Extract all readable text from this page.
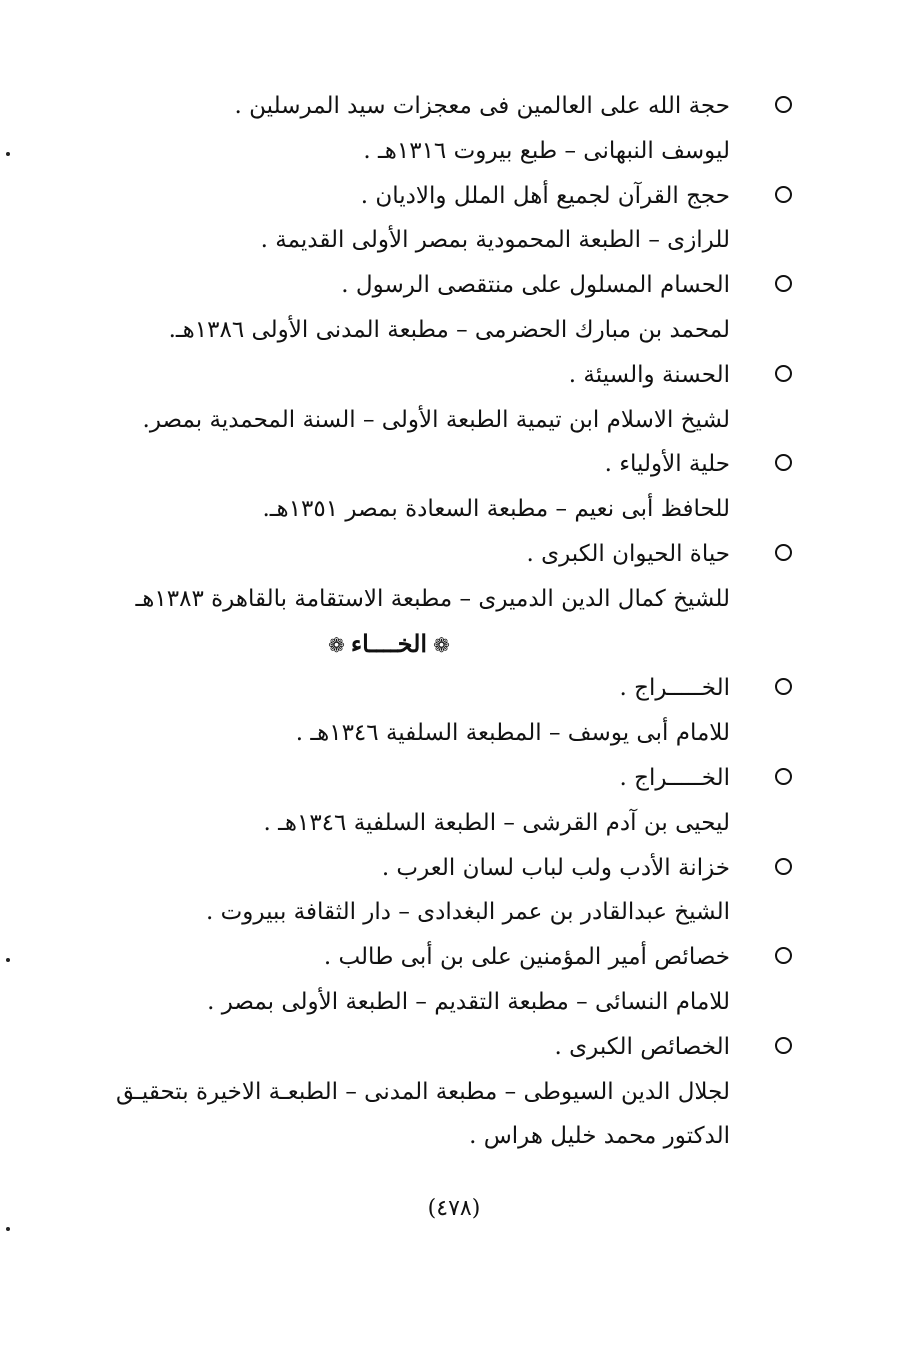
حجة الله على العالمين فى معجزات سيد المرسلين .
ليوسف النبهانى – طبع بيروت ١٣١٦هـ .
حجج القرآن لجميع أهل الملل والاديان .
للرازى – الطبعة المحمودية بمصر الأولى القديمة .
الحسام المسلول على منتقصى الرسول .
لمحمد بن مبارك الحضرمى – مطبعة المدنى الأولى ١٣٨٦هـ.
الحسنة والسيئة .
لشيخ الاسلام ابن تيمية الطبعة الأولى – السنة المحمدية بمصر.
حلية الأولياء .
للحافظ أبى نعيم – مطبعة السعادة بمصر ١٣٥١هـ.
حياة الحيوان الكبرى .
للشيخ كمال الدين الدميرى – مطبعة الاستقامة بالقاهرة ١٣٨٣هـ
❁الخــــاء❁
الخـــــراج .
للامام أبى يوسف – المطبعة السلفية ١٣٤٦هـ .
الخـــــراج .
ليحيى بن آدم القرشى – الطبعة السلفية ١٣٤٦هـ .
خزانة الأدب ولب لباب لسان العرب .
الشيخ عبدالقادر بن عمر البغدادى – دار الثقافة ببيروت .
خصائص أمير المؤمنين على بن أبى طالب .
للامام النسائى – مطبعة التقديم – الطبعة الأولى بمصر .
الخصائص الكبرى .
لجلال الدين السيوطى – مطبعة المدنى – الطبعـة الاخيرة بتحقيـق
الدكتور محمد خليل هراس .
(٤٧٨)
